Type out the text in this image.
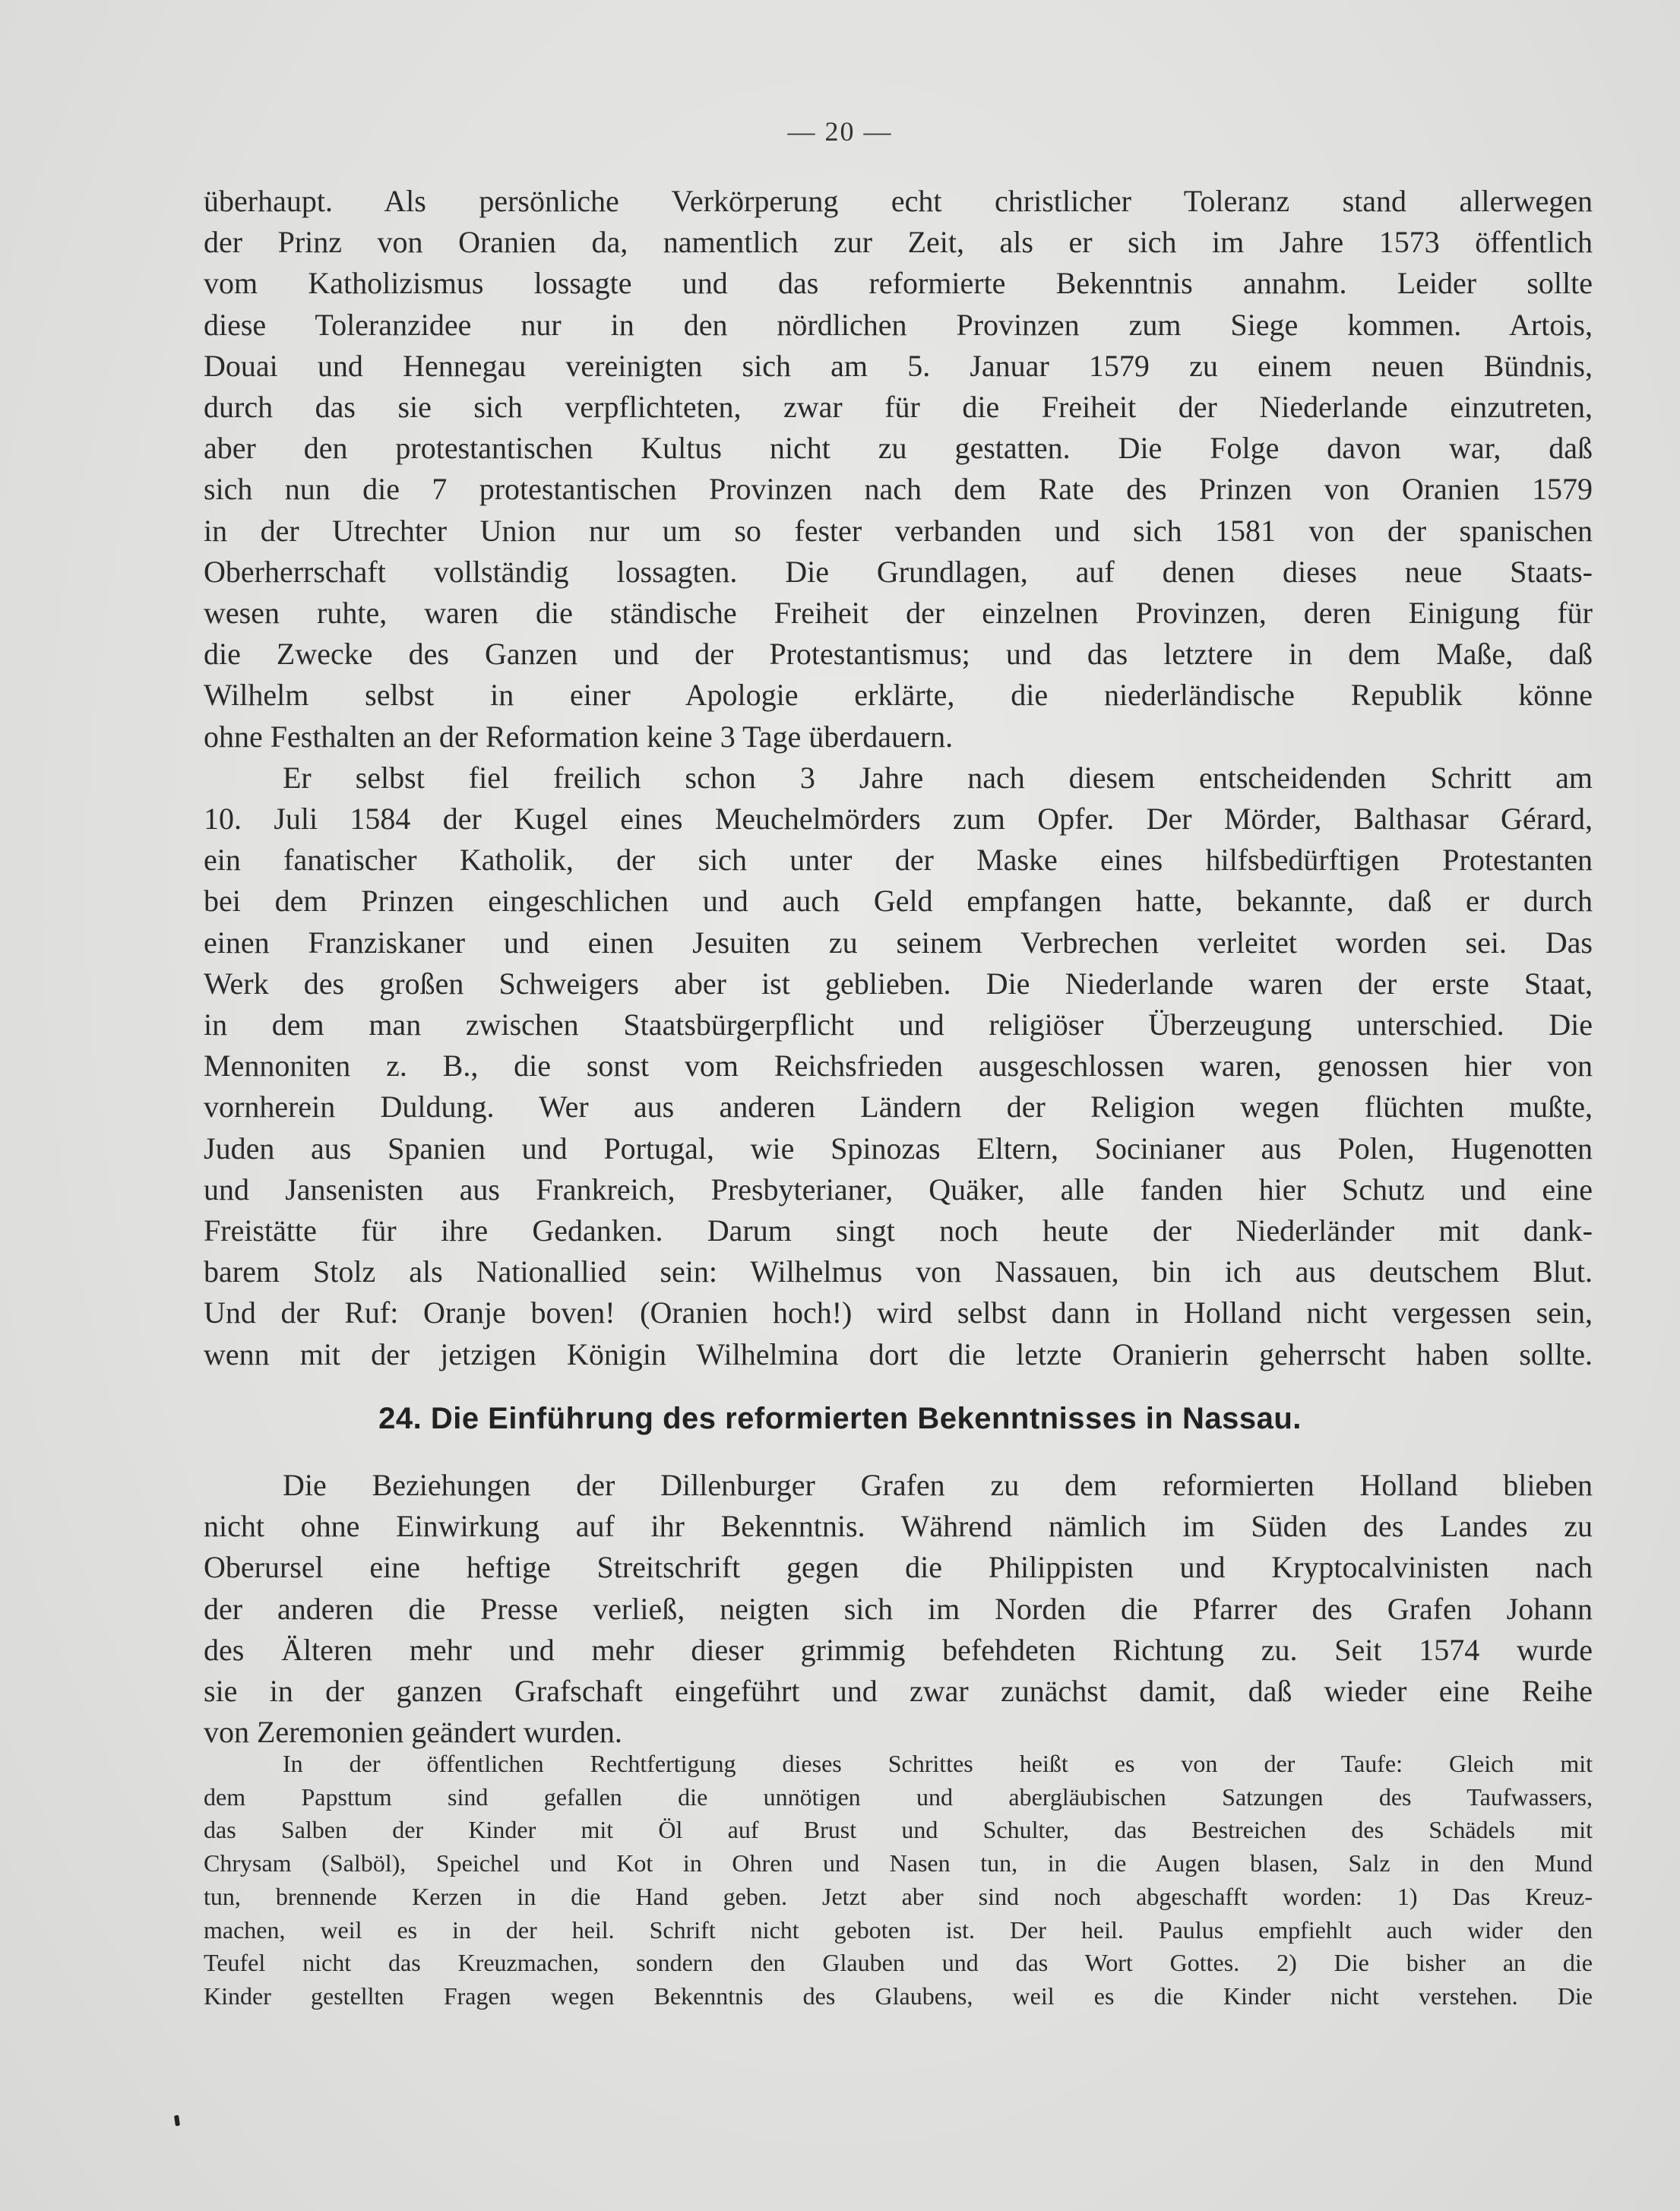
— 20 —
überhaupt. Als persönliche Verkörperung echt christlicher Toleranz stand allerwegen
der Prinz von Oranien da, namentlich zur Zeit, als er sich im Jahre 1573 öffentlich
vom Katholizismus lossagte und das reformierte Bekenntnis annahm. Leider sollte
diese Toleranzidee nur in den nördlichen Provinzen zum Siege kommen. Artois,
Douai und Hennegau vereinigten sich am 5. Januar 1579 zu einem neuen Bündnis,
durch das sie sich verpflichteten, zwar für die Freiheit der Niederlande einzutreten,
aber den protestantischen Kultus nicht zu gestatten. Die Folge davon war, daß
sich nun die 7 protestantischen Provinzen nach dem Rate des Prinzen von Oranien 1579
in der Utrechter Union nur um so fester verbanden und sich 1581 von der spanischen
Oberherrschaft vollständig lossagten. Die Grundlagen, auf denen dieses neue Staats-
wesen ruhte, waren die ständische Freiheit der einzelnen Provinzen, deren Einigung für
die Zwecke des Ganzen und der Protestantismus; und das letztere in dem Maße, daß
Wilhelm selbst in einer Apologie erklärte, die niederländische Republik könne
ohne Festhalten an der Reformation keine 3 Tage überdauern.
Er selbst fiel freilich schon 3 Jahre nach diesem entscheidenden Schritt am
10. Juli 1584 der Kugel eines Meuchelmörders zum Opfer. Der Mörder, Balthasar Gérard,
ein fanatischer Katholik, der sich unter der Maske eines hilfsbedürftigen Protestanten
bei dem Prinzen eingeschlichen und auch Geld empfangen hatte, bekannte, daß er durch
einen Franziskaner und einen Jesuiten zu seinem Verbrechen verleitet worden sei. Das
Werk des großen Schweigers aber ist geblieben. Die Niederlande waren der erste Staat,
in dem man zwischen Staatsbürgerpflicht und religiöser Überzeugung unterschied. Die
Mennoniten z. B., die sonst vom Reichsfrieden ausgeschlossen waren, genossen hier von
vornherein Duldung. Wer aus anderen Ländern der Religion wegen flüchten mußte,
Juden aus Spanien und Portugal, wie Spinozas Eltern, Socinianer aus Polen, Hugenotten
und Jansenisten aus Frankreich, Presbyterianer, Quäker, alle fanden hier Schutz und eine
Freistätte für ihre Gedanken. Darum singt noch heute der Niederländer mit dank-
barem Stolz als Nationallied sein: Wilhelmus von Nassauen, bin ich aus deutschem Blut.
Und der Ruf: Oranje boven! (Oranien hoch!) wird selbst dann in Holland nicht vergessen sein,
wenn mit der jetzigen Königin Wilhelmina dort die letzte Oranierin geherrscht haben sollte.
24. Die Einführung des reformierten Bekenntnisses in Nassau.
Die Beziehungen der Dillenburger Grafen zu dem reformierten Holland blieben
nicht ohne Einwirkung auf ihr Bekenntnis. Während nämlich im Süden des Landes zu
Oberursel eine heftige Streitschrift gegen die Philippisten und Kryptocalvinisten nach
der anderen die Presse verließ, neigten sich im Norden die Pfarrer des Grafen Johann
des Älteren mehr und mehr dieser grimmig befehdeten Richtung zu. Seit 1574 wurde
sie in der ganzen Grafschaft eingeführt und zwar zunächst damit, daß wieder eine Reihe
von Zeremonien geändert wurden.
In der öffentlichen Rechtfertigung dieses Schrittes heißt es von der Taufe: Gleich mit
dem Papsttum sind gefallen die unnötigen und abergläubischen Satzungen des Taufwassers,
das Salben der Kinder mit Öl auf Brust und Schulter, das Bestreichen des Schädels mit
Chrysam (Salböl), Speichel und Kot in Ohren und Nasen tun, in die Augen blasen, Salz in den Mund
tun, brennende Kerzen in die Hand geben. Jetzt aber sind noch abgeschafft worden: 1) Das Kreuz-
machen, weil es in der heil. Schrift nicht geboten ist. Der heil. Paulus empfiehlt auch wider den
Teufel nicht das Kreuzmachen, sondern den Glauben und das Wort Gottes. 2) Die bisher an die
Kinder gestellten Fragen wegen Bekenntnis des Glaubens, weil es die Kinder nicht verstehen. Die
